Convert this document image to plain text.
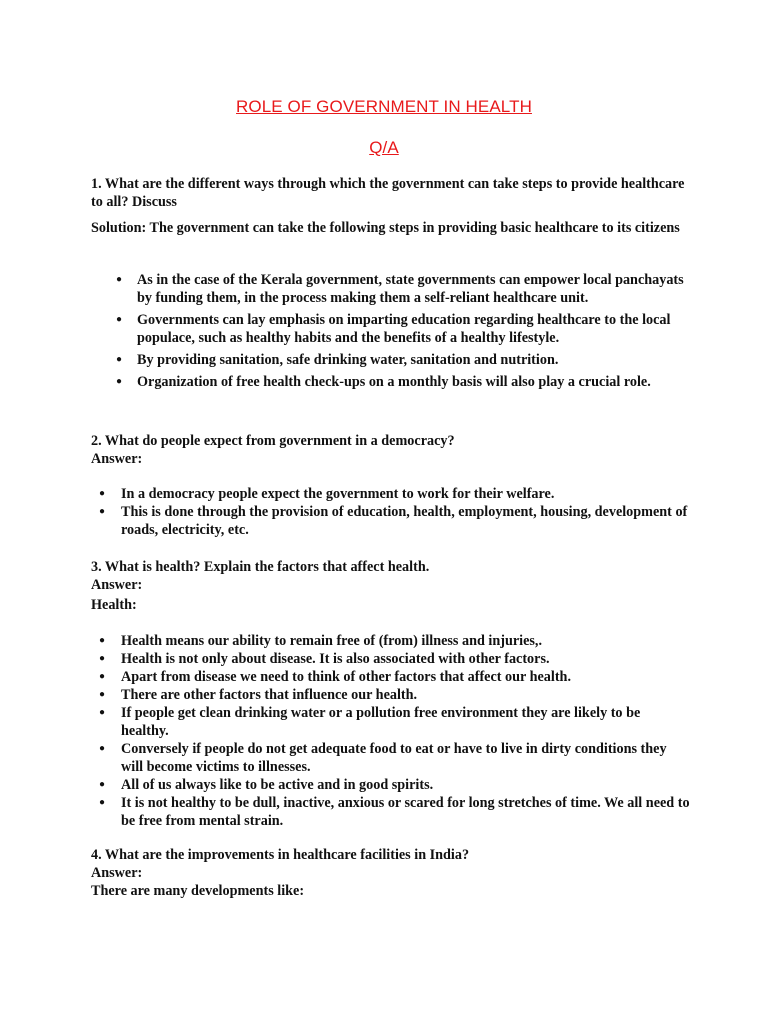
ROLE OF GOVERNMENT IN HEALTH
Q/A
1. What are the different ways through which the government can take steps to provide healthcare to all? Discuss
Solution: The government can take the following steps in providing basic healthcare to its citizens
● As in the case of the Kerala government, state governments can empower local panchayats by funding them, in the process making them a self-reliant healthcare unit.
● Governments can lay emphasis on imparting education regarding healthcare to the local populace, such as healthy habits and the benefits of a healthy lifestyle.
● By providing sanitation, safe drinking water, sanitation and nutrition.
● Organization of free health check-ups on a monthly basis will also play a crucial role.
2. What do people expect from government in a democracy?
Answer:
● In a democracy people expect the government to work for their welfare.
● This is done through the provision of education, health, employment, housing, development of roads, electricity, etc.
3. What is health? Explain the factors that affect health.
Answer:
Health:
● Health means our ability to remain free of (from) illness and injuries,.
● Health is not only about disease. It is also associated with other factors.
● Apart from disease we need to think of other factors that affect our health.
● There are other factors that influence our health.
● If people get clean drinking water or a pollution free environment they are likely to be healthy.
● Conversely if people do not get adequate food to eat or have to live in dirty conditions they will become victims to illnesses.
● All of us always like to be active and in good spirits.
● It is not healthy to be dull, inactive, anxious or scared for long stretches of time. We all need to be free from mental strain.
4. What are the improvements in healthcare facilities in India?
Answer:
There are many developments like:
